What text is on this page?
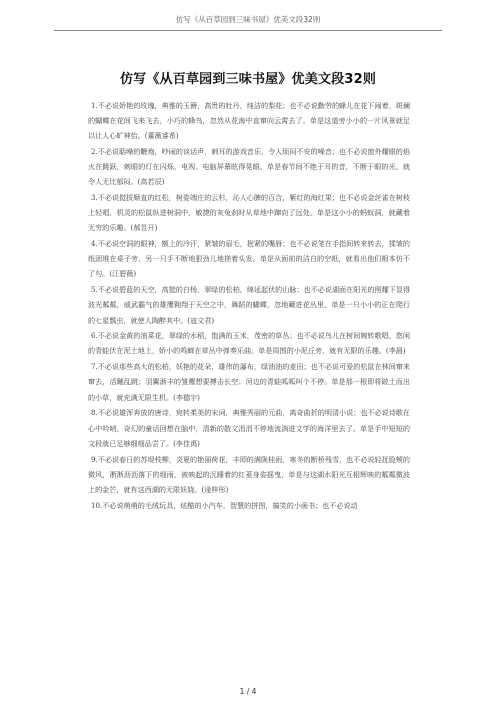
仿写《从百草园到三味书屋》优美文段32则
仿写《从百草园到三味书屋》优美文段32则

1.不必说娇艳的玫瑰，典雅的玉簪，高贵的牡丹，纯洁的梨花；也不必说勤劳的蜂儿在花下闹着，斑斓的蝴蝶在花间飞来飞去，小巧的蜂鸟，忽然从花海中直窜向云霄去了。单是这道旁小小的一片风景就足以让人心旷神怡。(董薇睿希)

2.不必说聒噪的鞭炮，吵闹的谈话声，刺耳的游戏音乐，令人烦闷不安的噪音；也不必说窗外耀眼的焰火在跳跃，刺眼的灯在闪烁，电视、电脑屏幕眩得晃眼。单是春节间不绝于耳的音，不断于眼的光，就令人无比郁闷。(高若辰)

3.不必说挺拔顺直的红松，树姿端庄的云杉，沁人心脾的百合，紫红的海红果；也不必说金丝雀在树枝上轻唱，机灵的松鼠纵进树洞中，敏捷的灰兔刹时从草地中蹿向了远处。单是这小小的蚂蚁洞，就藏着无穷的乐趣。(郝昱开)

4.不必说空洞的眼神，额上的冷汗，紧皱的眉毛，抿紧的嘴唇；也不必说笔在手指间转来转去，揉皱的纸团堆在桌子旁，另一只手不断地狠劲儿地搓着头发。单是从面前的洁白的空纸，就看出他们根本仿不了句。(江碧薇)

5.不必说碧蓝的天空，高挺的白杨，翠绿的松柏，绵延起伏的山脉；也不必说湖面在阳光的照耀下显得波光粼粼，威武霸气的雄鹰翱翔于天空之中，舞蹈的蝴蝶，忽地藏进花丛里。单是一只小小的正在爬行的七星瓢虫，就使人陶醉其中。(寇文君)

6.不必说金黄的油菜花，翠绿的水稻，饱满的玉米，茂密的草丛；也不必说鸟儿在树间婉转歌唱，悠闲的青蛙伏在泥土地上，娇小的鸣蝉在草丛中弹奏乐曲。单是周围的小泥丘旁，就有无限的乐趣。(李晨)

7.不必说那些高大的松柏，妖艳的花朵，雄伟的瀑布，绿油油的麦田；也不必说可爱的松鼠在林间窜来窜去，活蹦乱跳；羽翼渐丰的雏鹰想要搏击长空；河边的青蛙呱呱叫个不停。单是那一根即将破土而出的小草，就充满无限生机。(李德宇)

8.不必说雄浑奔放的唐诗，宛转柔美的宋词，典雅秀丽的元曲，离奇曲折的明清小说；也不必说诗歌在心中吟哨，奇幻的童话回想在脑中，清新的散文涓涓不停地流淌进文学的海洋里去了。单是手中短短的文段就已足够细细品尝了。(李佳禹)

9.不必说春日的苏堤枝柳，炎夏的艳丽荷花，丰即的满陇桂雨，寒冬的断桥残雪，也不必说轻抚脸颊的微风，淅淅沥沥落下的细雨，被映起的沉睡着的红菱身姿摇曳，单是与这湖水阳光互相辉映的粼粼微波上的金芒，就有这西湖的无限妖娆。(逯梓彤)

10.不必说萌萌的毛绒玩具，炫酷的小汽车，智慧的拼图，搞笑的小画书；也不必说动

1 / 4
